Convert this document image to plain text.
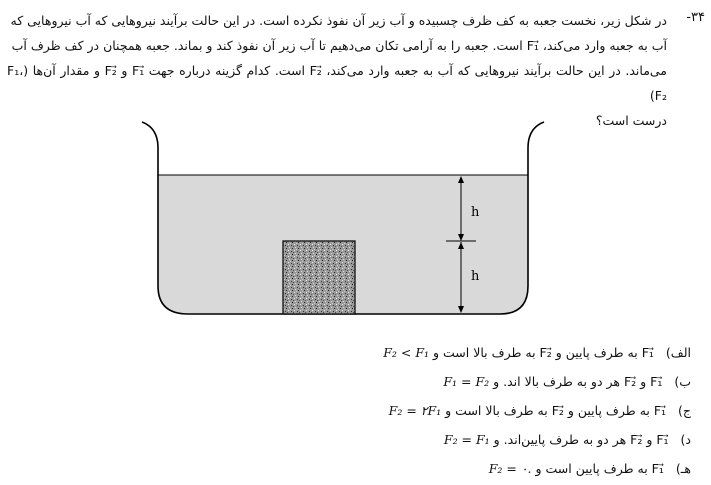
-۳۴
در شکل زیر، نخست جعبه به کف ظرف چسبیده و آب زیر آن نفوذ نکرده است. در این حالت برآیند نیروهایی که آب نیروهایی که
آب به جعبه وارد می‌کند، F₁⃗ است. جعبه را به آرامی تکان می‌دهیم تا آب زیر آن نفوذ کند و بماند. جعبه همچنان در کف ظرف آب
می‌ماند. در این حالت برآیند نیروهایی که آب به جعبه وارد می‌کند، F₂⃗ است. کدام گزینه درباره جهت F₁⃗ و F₂⃗ و مقدار آن‌ها (F₁، F₂)
درست است؟
h
h
الف) F₁⃗ به طرف پایین و F₂⃗ به طرف بالا است و F₂ < F₁
ب) F₁⃗ و F₂⃗ هر دو به طرف بالا اند. و F₁ = F₂
ج) F₁⃗ به طرف پایین و F₂⃗ به طرف بالا است و F₂ = ۲F₁
د) F₁⃗ و F₂⃗ هر دو به طرف پایین‌اند. و F₂ = F₁
هـ) F₁⃗ به طرف پایین است و F₂ = ۰.
